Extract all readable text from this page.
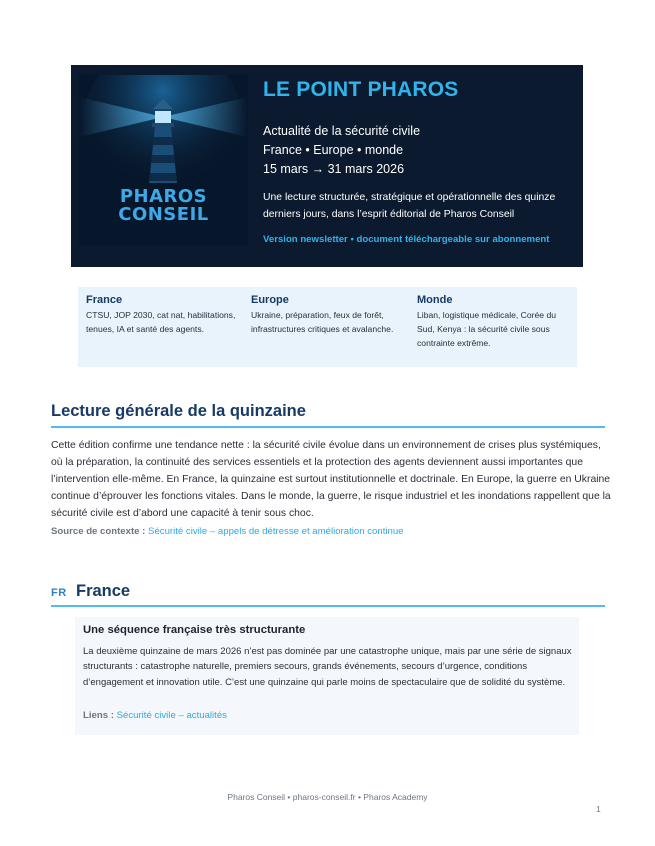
PHAROS
CONSEIL
LE POINT PHAROS
Actualité de la sécurité civile
France • Europe • monde
15 mars → 31 mars 2026
Une lecture structurée, stratégique et opérationnelle des quinze derniers jours, dans l’esprit éditorial de Pharos Conseil
Version newsletter • document téléchargeable sur abonnement
France
CTSU, JOP 2030, cat nat, habilitations, tenues, IA et santé des agents.
Europe
Ukraine, préparation, feux de forêt, infrastructures critiques et avalanche.
Monde
Liban, logistique médicale, Corée du Sud, Kenya : la sécurité civile sous contrainte extrême.
Lecture générale de la quinzaine
Cette édition confirme une tendance nette : la sécurité civile évolue dans un environnement de crises plus systémiques, où la préparation, la continuité des services essentiels et la protection des agents deviennent aussi importantes que l’intervention elle-même. En France, la quinzaine est surtout institutionnelle et doctrinale. En Europe, la guerre en Ukraine continue d’éprouver les fonctions vitales. Dans le monde, la guerre, le risque industriel et les inondations rappellent que la sécurité civile est d’abord une capacité à tenir sous choc.
Source de contexte : Sécurité civile – appels de détresse et amélioration continue
FR France
Une séquence française très structurante
La deuxième quinzaine de mars 2026 n’est pas dominée par une catastrophe unique, mais par une série de signaux structurants : catastrophe naturelle, premiers secours, grands événements, secours d’urgence, conditions d’engagement et innovation utile. C’est une quinzaine qui parle moins de spectaculaire que de solidité du système.
Liens : Sécurité civile – actualités
Pharos Conseil • pharos-conseil.fr • Pharos Academy
1
